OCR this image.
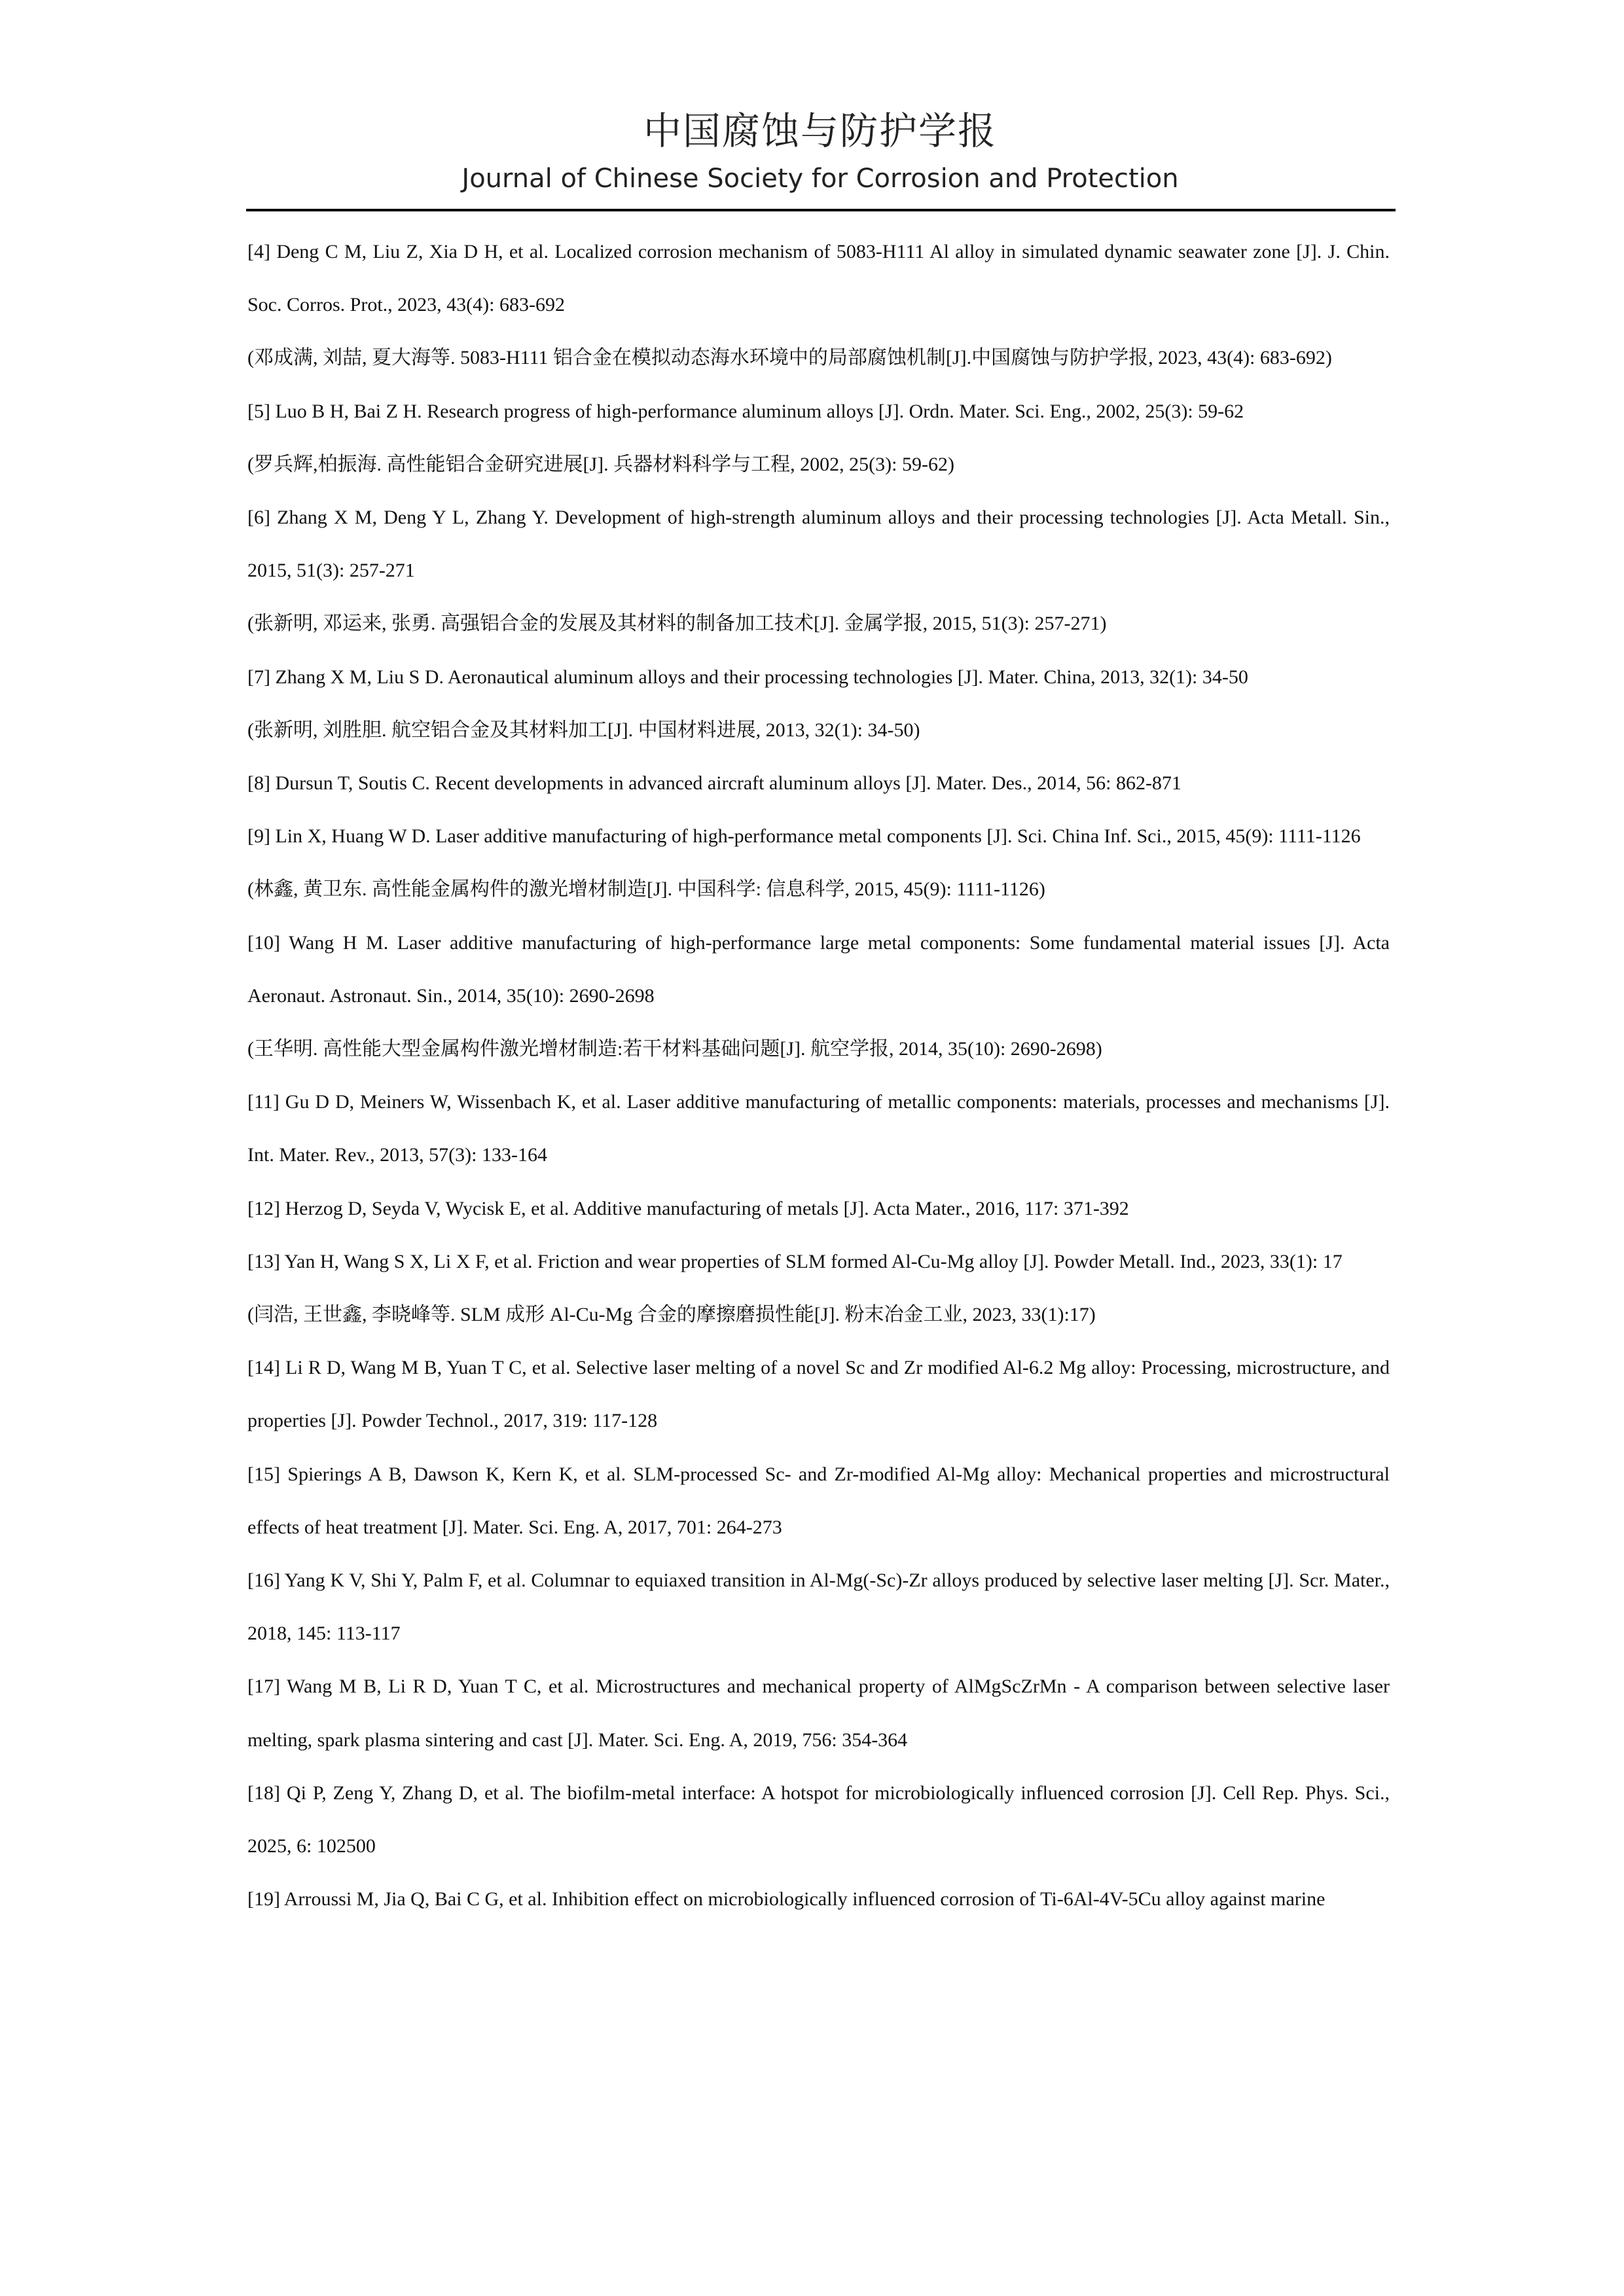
中国腐蚀与防护学报
Journal of Chinese Society for Corrosion and Protection

[4] Deng C M, Liu Z, Xia D H, et al. Localized corrosion mechanism of 5083-H111 Al alloy in simulated dynamic seawater zone [J]. J. Chin. Soc. Corros. Prot., 2023, 43(4): 683-692

(邓成满, 刘喆, 夏大海等. 5083-H111 铝合金在模拟动态海水环境中的局部腐蚀机制[J].中国腐蚀与防护学报, 2023, 43(4): 683-692)

[5] Luo B H, Bai Z H. Research progress of high-performance aluminum alloys [J]. Ordn. Mater. Sci. Eng., 2002, 25(3): 59-62

(罗兵辉,柏振海. 高性能铝合金研究进展[J]. 兵器材料科学与工程, 2002, 25(3): 59-62)

[6] Zhang X M, Deng Y L, Zhang Y. Development of high-strength aluminum alloys and their processing technologies [J]. Acta Metall. Sin., 2015, 51(3): 257-271

(张新明, 邓运来, 张勇. 高强铝合金的发展及其材料的制备加工技术[J]. 金属学报, 2015, 51(3): 257-271)

[7] Zhang X M, Liu S D. Aeronautical aluminum alloys and their processing technologies [J]. Mater. China, 2013, 32(1): 34-50

(张新明, 刘胜胆. 航空铝合金及其材料加工[J]. 中国材料进展, 2013, 32(1): 34-50)

[8] Dursun T, Soutis C. Recent developments in advanced aircraft aluminum alloys [J]. Mater. Des., 2014, 56: 862-871

[9] Lin X, Huang W D. Laser additive manufacturing of high-performance metal components [J]. Sci. China Inf. Sci., 2015, 45(9): 1111-1126

(林鑫, 黄卫东. 高性能金属构件的激光增材制造[J]. 中国科学: 信息科学, 2015, 45(9): 1111-1126)

[10] Wang H M. Laser additive manufacturing of high-performance large metal components: Some fundamental material issues [J]. Acta Aeronaut. Astronaut. Sin., 2014, 35(10): 2690-2698

(王华明. 高性能大型金属构件激光增材制造:若干材料基础问题[J]. 航空学报, 2014, 35(10): 2690-2698)

[11] Gu D D, Meiners W, Wissenbach K, et al. Laser additive manufacturing of metallic components: materials, processes and mechanisms [J]. Int. Mater. Rev., 2013, 57(3): 133-164

[12] Herzog D, Seyda V, Wycisk E, et al. Additive manufacturing of metals [J]. Acta Mater., 2016, 117: 371-392

[13] Yan H, Wang S X, Li X F, et al. Friction and wear properties of SLM formed Al-Cu-Mg alloy [J]. Powder Metall. Ind., 2023, 33(1): 17

(闫浩, 王世鑫, 李晓峰等. SLM 成形 Al-Cu-Mg 合金的摩擦磨损性能[J]. 粉末冶金工业, 2023, 33(1):17)

[14] Li R D, Wang M B, Yuan T C, et al. Selective laser melting of a novel Sc and Zr modified Al-6.2 Mg alloy: Processing, microstructure, and properties [J]. Powder Technol., 2017, 319: 117-128

[15] Spierings A B, Dawson K, Kern K, et al. SLM-processed Sc- and Zr-modified Al-Mg alloy: Mechanical properties and microstructural effects of heat treatment [J]. Mater. Sci. Eng. A, 2017, 701: 264-273

[16] Yang K V, Shi Y, Palm F, et al. Columnar to equiaxed transition in Al-Mg(-Sc)-Zr alloys produced by selective laser melting [J]. Scr. Mater., 2018, 145: 113-117

[17] Wang M B, Li R D, Yuan T C, et al. Microstructures and mechanical property of AlMgScZrMn - A comparison between selective laser melting, spark plasma sintering and cast [J]. Mater. Sci. Eng. A, 2019, 756: 354-364

[18] Qi P, Zeng Y, Zhang D, et al. The biofilm-metal interface: A hotspot for microbiologically influenced corrosion [J]. Cell Rep. Phys. Sci., 2025, 6: 102500

[19] Arroussi M, Jia Q, Bai C G, et al. Inhibition effect on microbiologically influenced corrosion of Ti-6Al-4V-5Cu alloy against marine
